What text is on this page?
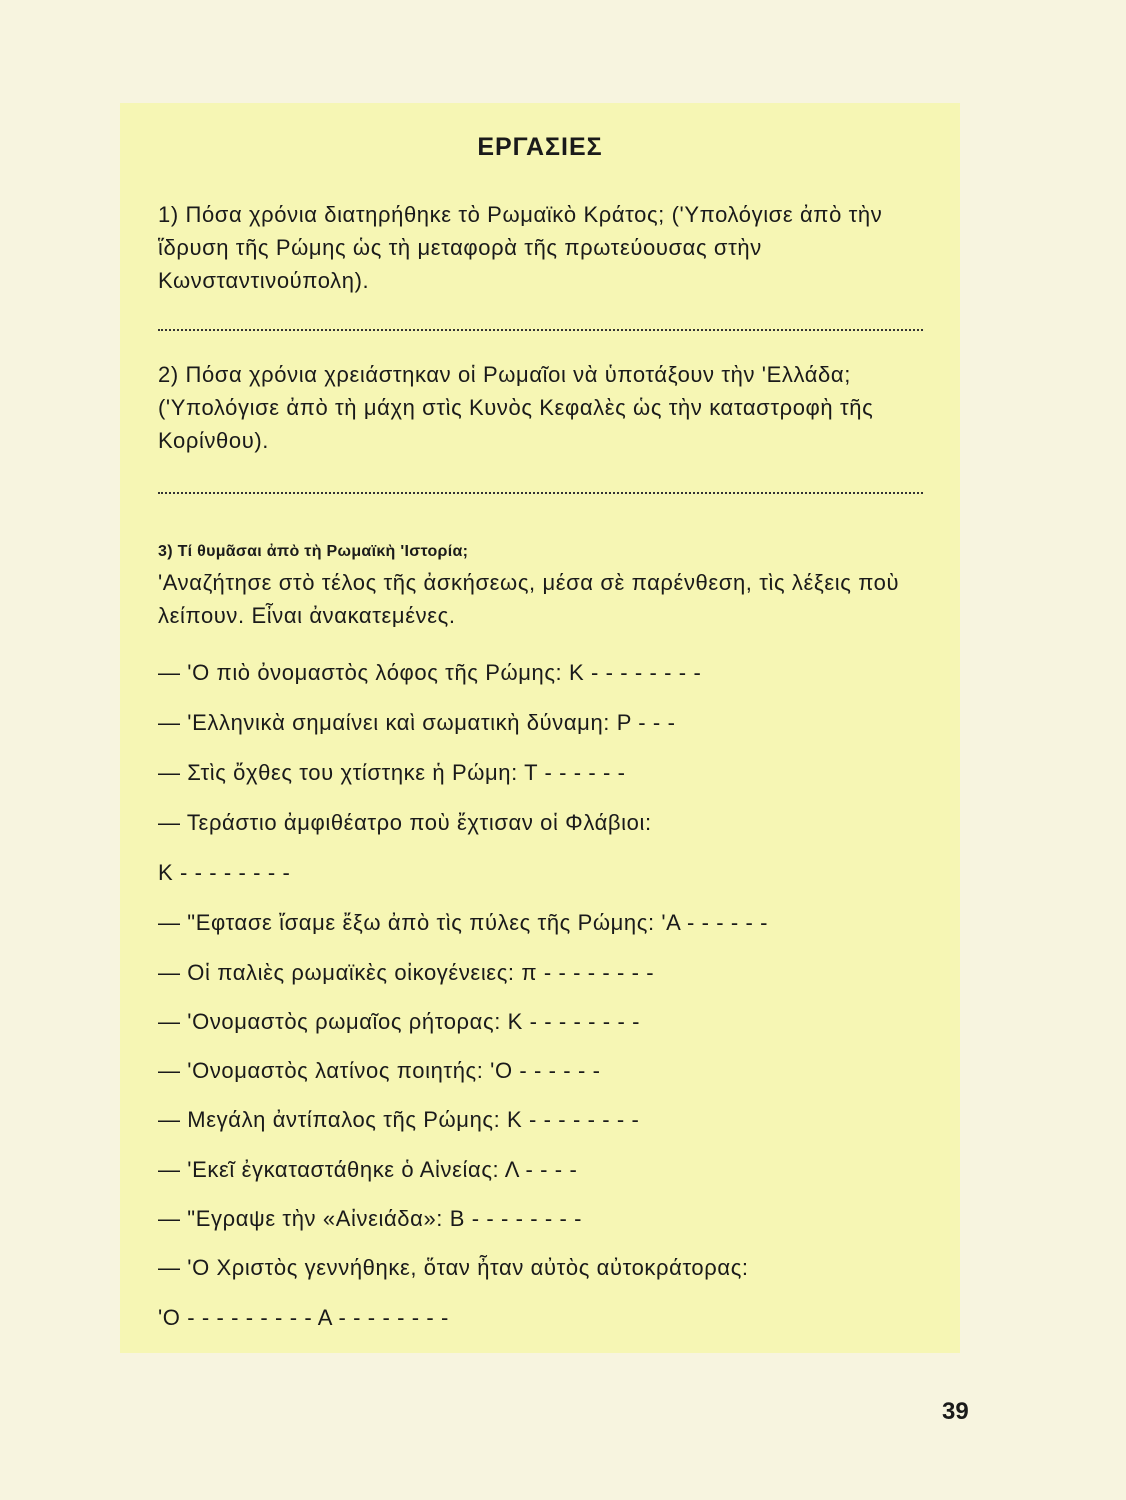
ΕΡΓΑΣΙΕΣ
1) Πόσα χρόνια διατηρήθηκε τὸ Ρωμαϊκὸ Κράτος; ('Υπολόγισε ἀπὸ τὴν ἵδρυση τῆς Ρώμης ὡς τὴ μεταφορὰ τῆς πρωτεύουσας στὴν Κωνσταντινούπολη).
2) Πόσα χρόνια χρειάστηκαν οἱ Ρωμαῖοι νὰ ὑποτάξουν τὴν 'Ελλάδα; ('Υπολόγισε ἀπὸ τὴ μάχη στὶς Κυνὸς Κεφαλὲς ὡς τὴν καταστροφὴ τῆς Κορίνθου).
3) Τί θυμᾶσαι ἀπὸ τὴ Ρωμαϊκὴ 'Ιστορία;
'Αναζήτησε στὸ τέλος τῆς ἀσκήσεως, μέσα σὲ παρένθεση, τὶς λέξεις ποὺ λείπουν. Εἶναι ἀνακατεμένες.
— 'Ο πιὸ ὀνομαστὸς λόφος τῆς Ρώμης: Κ - - - - - - - -
— 'Ελληνικὰ σημαίνει καὶ σωματικὴ δύναμη: Ρ - - -
— Στὶς ὄχθες του χτίστηκε ἡ Ρώμη: Τ - - - - - -
— Τεράστιο ἀμφιθέατρο ποὺ ἔχτισαν οἱ Φλάβιοι:
Κ - - - - - - - -
— "Εφτασε ἴσαμε ἔξω ἀπὸ τὶς πύλες τῆς Ρώμης: 'Α - - - - - -
— Οἱ παλιὲς ρωμαϊκὲς οἰκογένειες: π - - - - - - - -
— 'Ονομαστὸς ρωμαῖος ρήτορας: Κ - - - - - - - -
— 'Ονομαστὸς λατίνος ποιητής: 'Ο - - - - - -
— Μεγάλη ἀντίπαλος τῆς Ρώμης: Κ - - - - - - - -
— 'Εκεῖ ἐγκαταστάθηκε ὁ Αἰνείας: Λ - - - -
— "Εγραψε τὴν «Αἰνειάδα»: Β - - - - - - - -
— 'Ο Χριστὸς γεννήθηκε, ὅταν ἦταν αὐτὸς αὐτοκράτορας:
'Ο - - - - - - - - - Α - - - - - - - -
39
